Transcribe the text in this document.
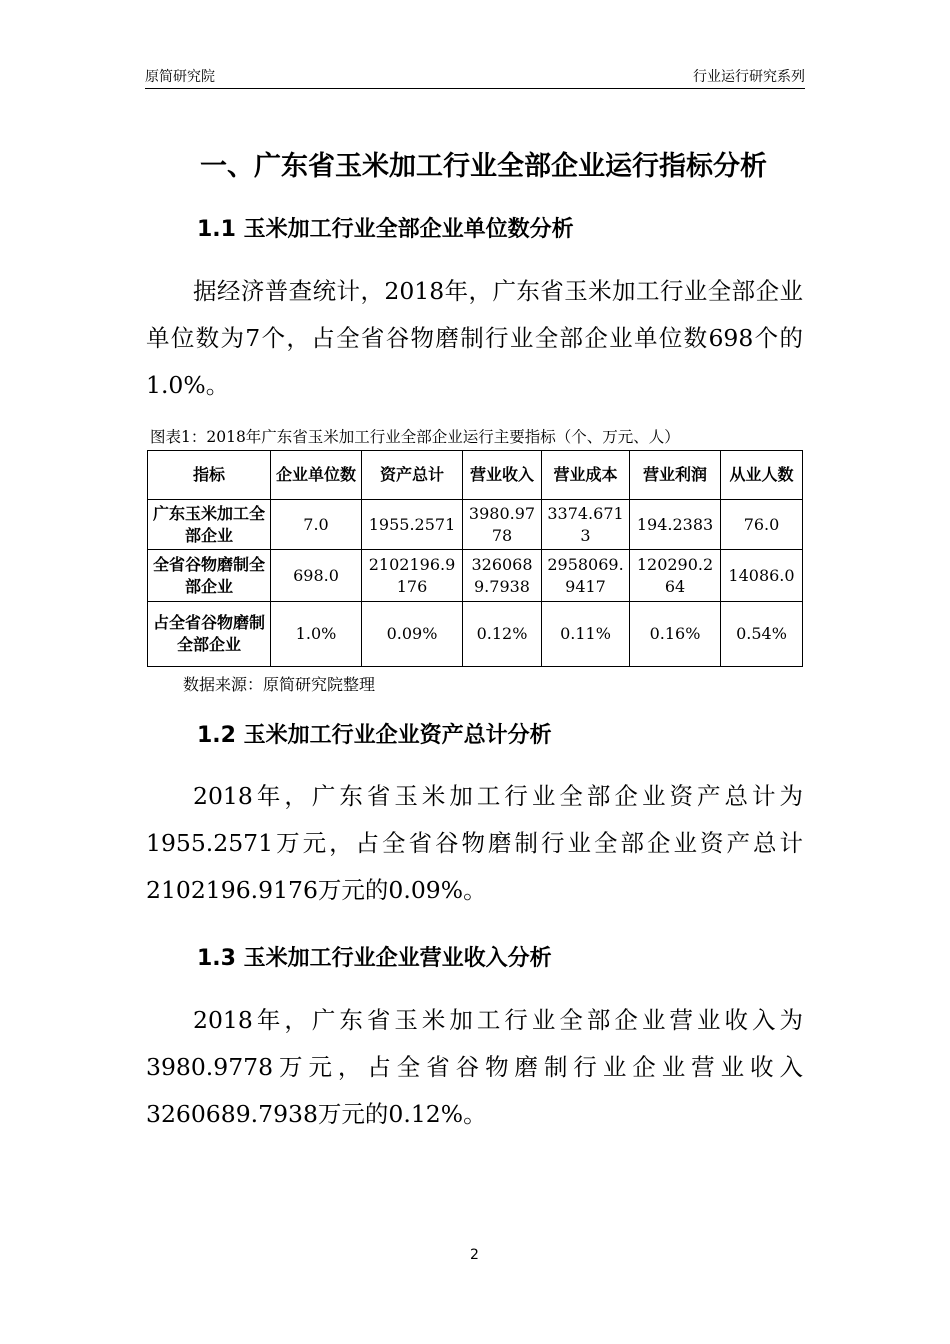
原简研究院	行业运行研究系列
一、广东省玉米加工行业全部企业运行指标分析
1.1 玉米加工行业全部企业单位数分析
据经济普查统计，2018年，广东省玉米加工行业全部企业单位数为7个，占全省谷物磨制行业全部企业单位数698个的1.0%。
图表1：2018年广东省玉米加工行业全部企业运行主要指标（个、万元、人）
指标	企业单位数	资产总计	营业收入	营业成本	营业利润	从业人数
广东玉米加工全部企业	7.0	1955.2571	3980.9778	3374.6713	194.2383	76.0
全省谷物磨制全部企业	698.0	2102196.9176	3260689.7938	2958069.9417	120290.264	14086.0
占全省谷物磨制全部企业	1.0%	0.09%	0.12%	0.11%	0.16%	0.54%
数据来源：原简研究院整理
1.2 玉米加工行业企业资产总计分析
2018年，广东省玉米加工行业全部企业资产总计为1955.2571万元，占全省谷物磨制行业全部企业资产总计2102196.9176万元的0.09%。
1.3 玉米加工行业企业营业收入分析
2018年，广东省玉米加工行业全部企业营业收入为3980.9778万元，占全省谷物磨制行业企业营业收入3260689.7938万元的0.12%。
2
